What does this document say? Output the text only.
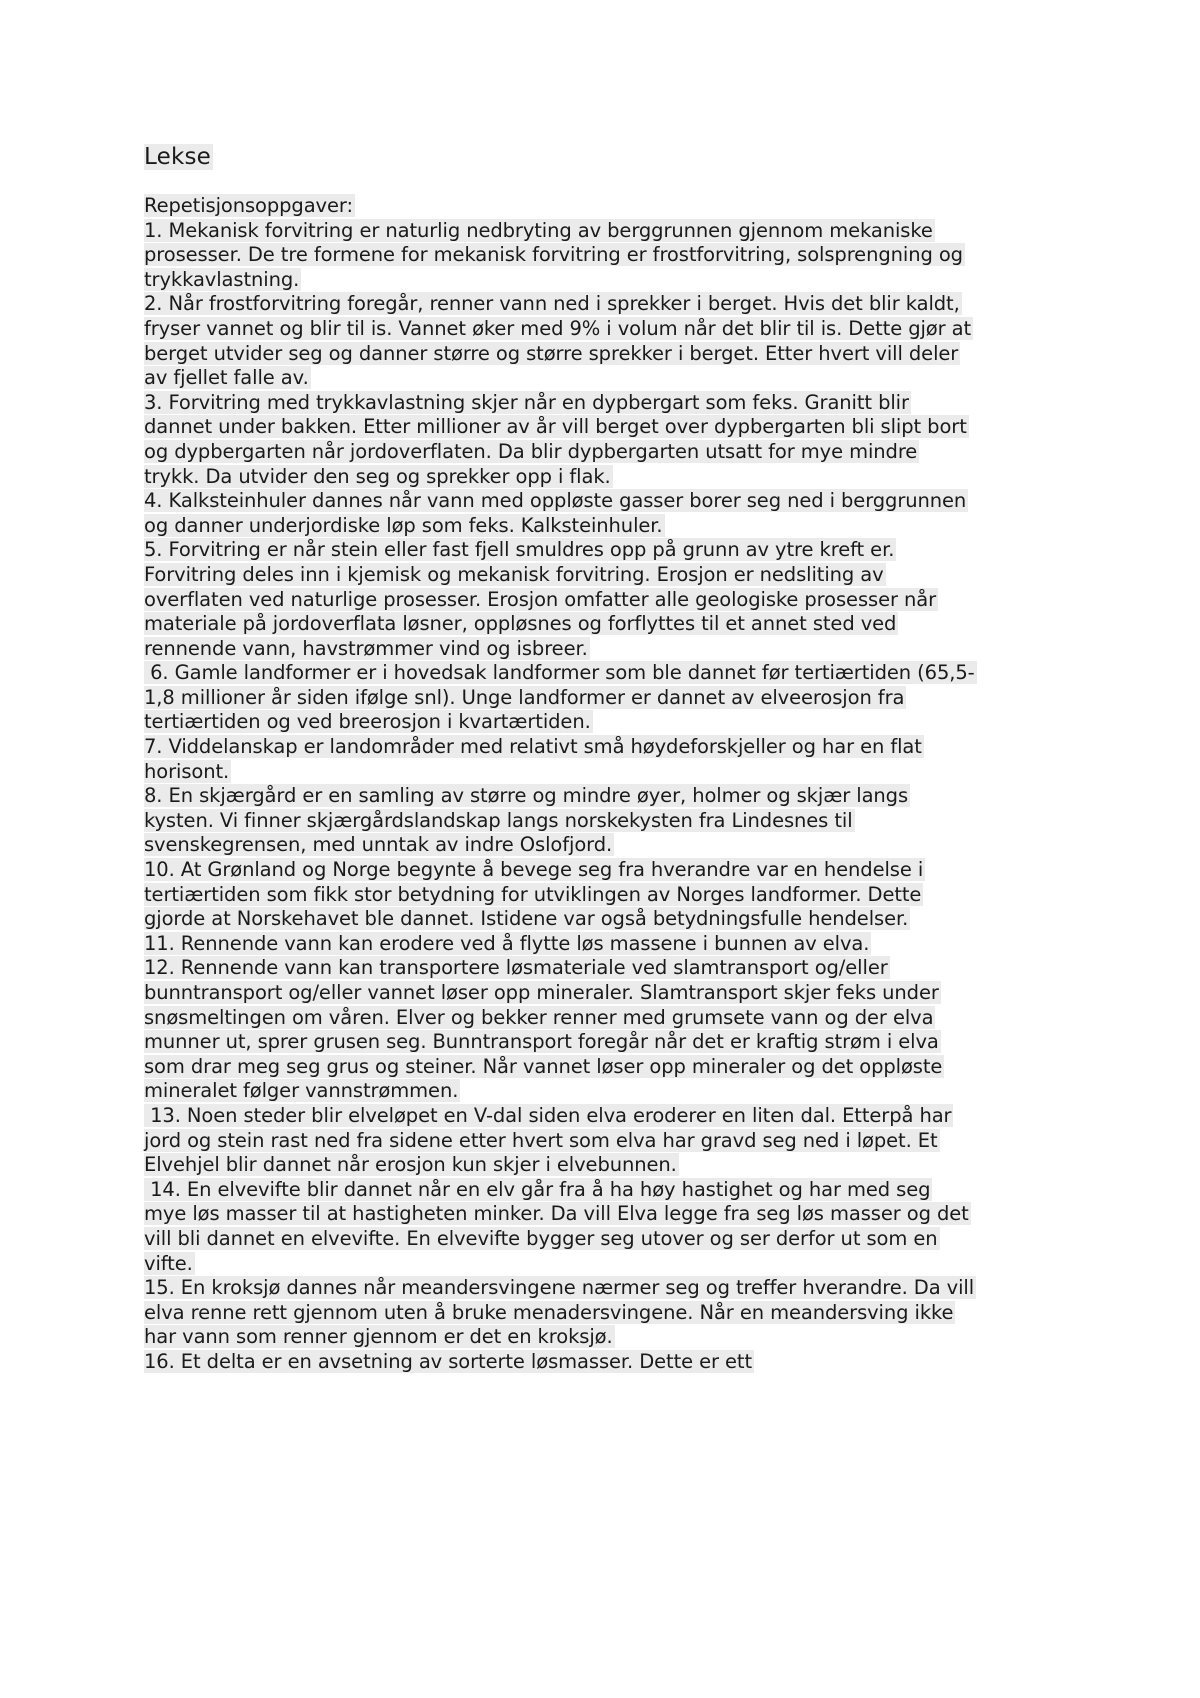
Lekse
Repetisjonsoppgaver:
1. Mekanisk forvitring er naturlig nedbryting av berggrunnen gjennom mekaniske
prosesser. De tre formene for mekanisk forvitring er frostforvitring, solsprengning og
trykkavlastning.
2. Når frostforvitring foregår, renner vann ned i sprekker i berget. Hvis det blir kaldt,
fryser vannet og blir til is. Vannet øker med 9% i volum når det blir til is. Dette gjør at
berget utvider seg og danner større og større sprekker i berget. Etter hvert vill deler
av fjellet falle av.
3. Forvitring med trykkavlastning skjer når en dypbergart som feks. Granitt blir
dannet under bakken. Etter millioner av år vill berget over dypbergarten bli slipt bort
og dypbergarten når jordoverflaten. Da blir dypbergarten utsatt for mye mindre
trykk. Da utvider den seg og sprekker opp i flak.
4. Kalksteinhuler dannes når vann med oppløste gasser borer seg ned i berggrunnen
og danner underjordiske løp som feks. Kalksteinhuler.
5. Forvitring er når stein eller fast fjell smuldres opp på grunn av ytre kreft er.
Forvitring deles inn i kjemisk og mekanisk forvitring. Erosjon er nedsliting av
overflaten ved naturlige prosesser. Erosjon omfatter alle geologiske prosesser når
materiale på jordoverflata løsner, oppløsnes og forflyttes til et annet sted ved
rennende vann, havstrømmer vind og isbreer.
6. Gamle landformer er i hovedsak landformer som ble dannet før tertiærtiden (65,5-
1,8 millioner år siden ifølge snl). Unge landformer er dannet av elveerosjon fra
tertiærtiden og ved breerosjon i kvartærtiden.
7. Viddelanskap er landområder med relativt små høydeforskjeller og har en flat
horisont.
8. En skjærgård er en samling av større og mindre øyer, holmer og skjær langs
kysten. Vi finner skjærgårdslandskap langs norskekysten fra Lindesnes til
svenskegrensen, med unntak av indre Oslofjord.
10. At Grønland og Norge begynte å bevege seg fra hverandre var en hendelse i
tertiærtiden som fikk stor betydning for utviklingen av Norges landformer. Dette
gjorde at Norskehavet ble dannet. Istidene var også betydningsfulle hendelser.
11. Rennende vann kan erodere ved å flytte løs massene i bunnen av elva.
12. Rennende vann kan transportere løsmateriale ved slamtransport og/eller
bunntransport og/eller vannet løser opp mineraler. Slamtransport skjer feks under
snøsmeltingen om våren. Elver og bekker renner med grumsete vann og der elva
munner ut, sprer grusen seg. Bunntransport foregår når det er kraftig strøm i elva
som drar meg seg grus og steiner. Når vannet løser opp mineraler og det oppløste
mineralet følger vannstrømmen.
13. Noen steder blir elveløpet en V-dal siden elva eroderer en liten dal. Etterpå har
jord og stein rast ned fra sidene etter hvert som elva har gravd seg ned i løpet. Et
Elvehjel blir dannet når erosjon kun skjer i elvebunnen.
14. En elvevifte blir dannet når en elv går fra å ha høy hastighet og har med seg
mye løs masser til at hastigheten minker. Da vill Elva legge fra seg løs masser og det
vill bli dannet en elvevifte. En elvevifte bygger seg utover og ser derfor ut som en
vifte.
15. En kroksjø dannes når meandersvingene nærmer seg og treffer hverandre. Da vill
elva renne rett gjennom uten å bruke menadersvingene. Når en meandersving ikke
har vann som renner gjennom er det en kroksjø.
16. Et delta er en avsetning av sorterte løsmasser. Dette er ett
